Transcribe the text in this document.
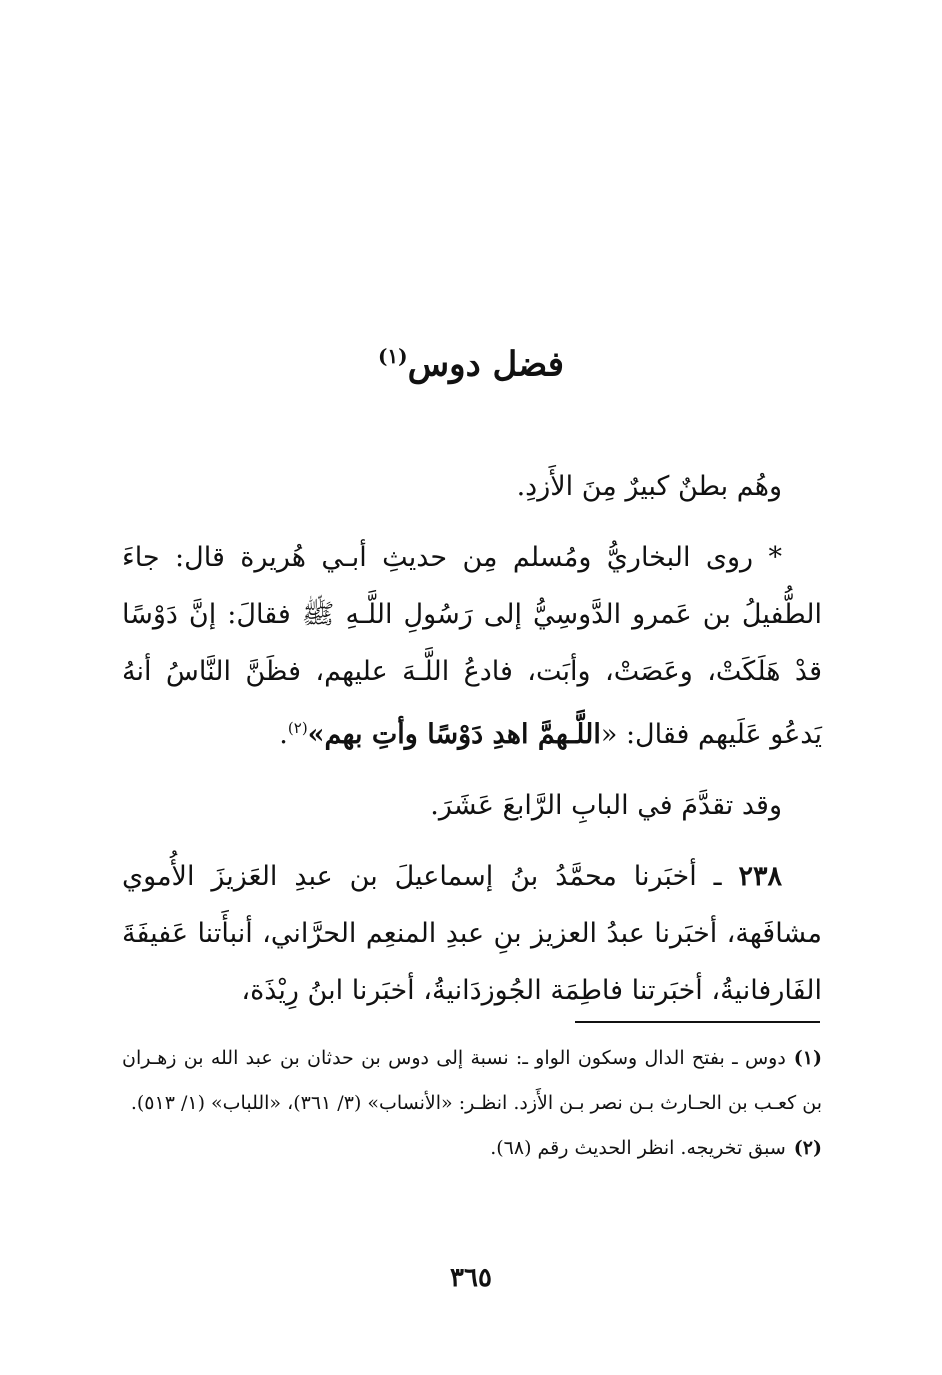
فضل دوس$^{(١)}$

وهُم بطنٌ كبيرٌ مِنَ الأَزدِ.

* روى البخاريُّ ومُسلم مِن حديثِ أبـي هُريرة قال: جاءَ الطُّفيلُ بن عَمرو الدَّوسِيُّ إلى رَسُولِ اللَّـهِ ﷺ فقالَ: إنَّ دَوْسًا قدْ هَلَكَتْ، وعَصَتْ، وأبَت، فادعُ اللَّـهَ عليهم، فظَنَّ النَّاسُ أنهُ يَدعُو عَلَيهم فقال: «اللَّـهمَّ اهدِ دَوْسًا وأتِ بهم»$^{(٢)}$.

وقد تقدَّمَ في البابِ الرَّابعَ عَشَرَ.

٢٣٨ ـ أخبَرنا محمَّدُ بنُ إسماعيلَ بن عبدِ العَزيزَ الأُموي مشافَهة، أخبَرنا عبدُ العزيز بنِ عبدِ المنعِم الحرَّاني، أنبأَتنا عَفيفَةَ الفَارفانيةُ، أخبَرتنا فاطِمَة الجُوزدَانيةُ، أخبَرنا ابنُ رِيْذَة،

(١)دوس ـ بفتح الدال وسكون الواو ـ: نسبة إلى دوس بن حدثان بن عبد الله بن زهـران بن كعـب بن الحـارث بـن نصر بـن الأَزد. انظـر: «الأنساب» (٣/ ٣٦١)، «اللباب» (١/ ٥١٣).

(٢)سبق تخريجه. انظر الحديث رقم (٦٨).

٣٦٥
